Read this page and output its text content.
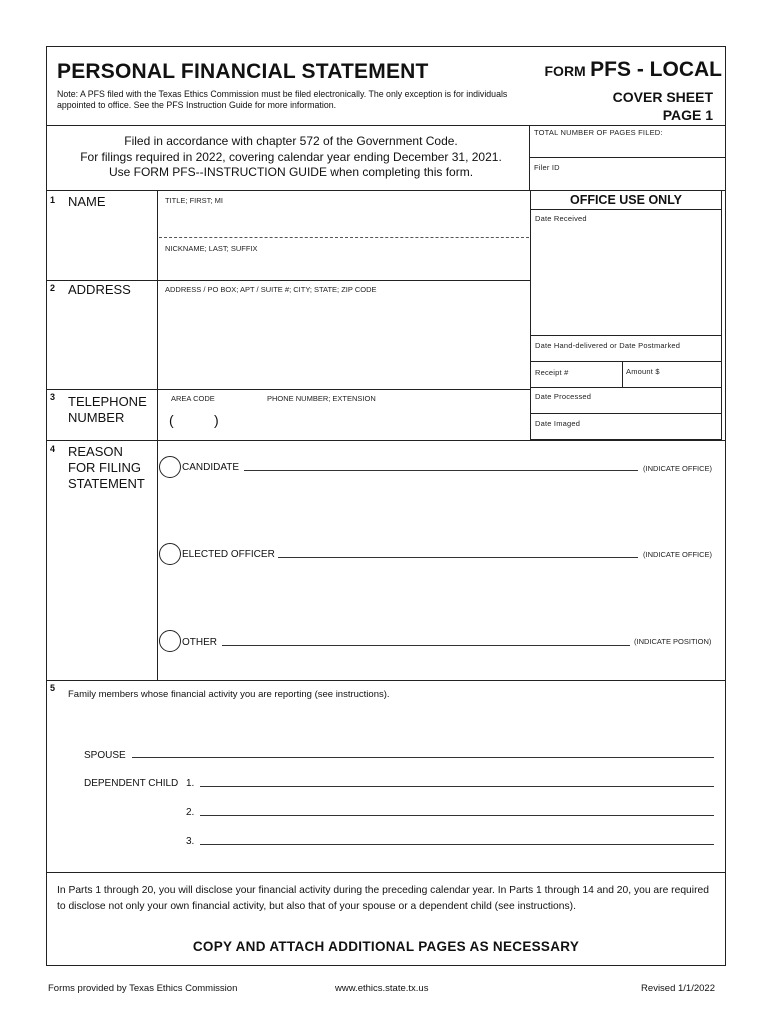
PERSONAL FINANCIAL STATEMENT
Note: A PFS filed with the Texas Ethics Commission must be filed electronically. The only exception is for individuals appointed to office. See the PFS Instruction Guide for more information.
FORM PFS - LOCAL
COVER SHEET
PAGE 1
Filed in accordance with chapter 572 of the Government Code.
For filings required in 2022, covering calendar year ending December 31, 2021.
Use FORM PFS--INSTRUCTION GUIDE when completing this form.
TOTAL NUMBER OF PAGES FILED:
Filer ID
OFFICE USE ONLY
Date Received
Date Hand-delivered or Date Postmarked
Receipt #	Amount $
Date Processed
Date Imaged
1 NAME	TITLE; FIRST; MI
NICKNAME; LAST; SUFFIX
2 ADDRESS	ADDRESS / PO BOX; APT / SUITE #; CITY; STATE; ZIP CODE
3 TELEPHONE
NUMBER
AREA CODE	PHONE NUMBER; EXTENSION
(	)
4 REASON
FOR FILING
STATEMENT
CANDIDATE	(INDICATE OFFICE)
ELECTED OFFICER	(INDICATE OFFICE)
OTHER	(INDICATE POSITION)
5
Family members whose financial activity you are reporting (see instructions).
SPOUSE
DEPENDENT CHILD 1.
2.
3.
In Parts 1 through 20, you will disclose your financial activity during the preceding calendar year. In Parts 1 through 14 and 20, you are required to disclose not only your own financial activity, but also that of your spouse or a dependent child (see instructions).
COPY AND ATTACH ADDITIONAL PAGES AS NECESSARY
Forms provided by Texas Ethics Commission	www.ethics.state.tx.us	Revised 1/1/2022
